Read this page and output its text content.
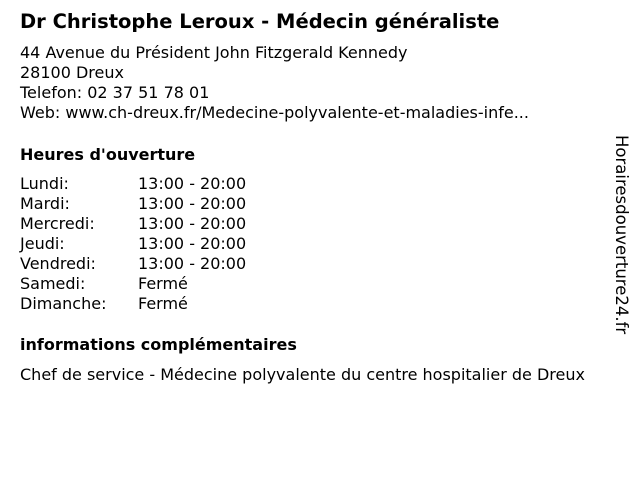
Dr Christophe Leroux - Médecin généraliste
44 Avenue du Président John Fitzgerald Kennedy
28100 Dreux
Telefon: 02 37 51 78 01
Web: www.ch-dreux.fr/Medecine-polyvalente-et-maladies-infe...
Heures d'ouverture
Lundi:	13:00 - 20:00
Mardi:	13:00 - 20:00
Mercredi:	13:00 - 20:00
Jeudi:	13:00 - 20:00
Vendredi:	13:00 - 20:00
Samedi:	Fermé
Dimanche:	Fermé
informations complémentaires
Chef de service - Médecine polyvalente du centre hospitalier de Dreux
Horairesdouverture24.fr
